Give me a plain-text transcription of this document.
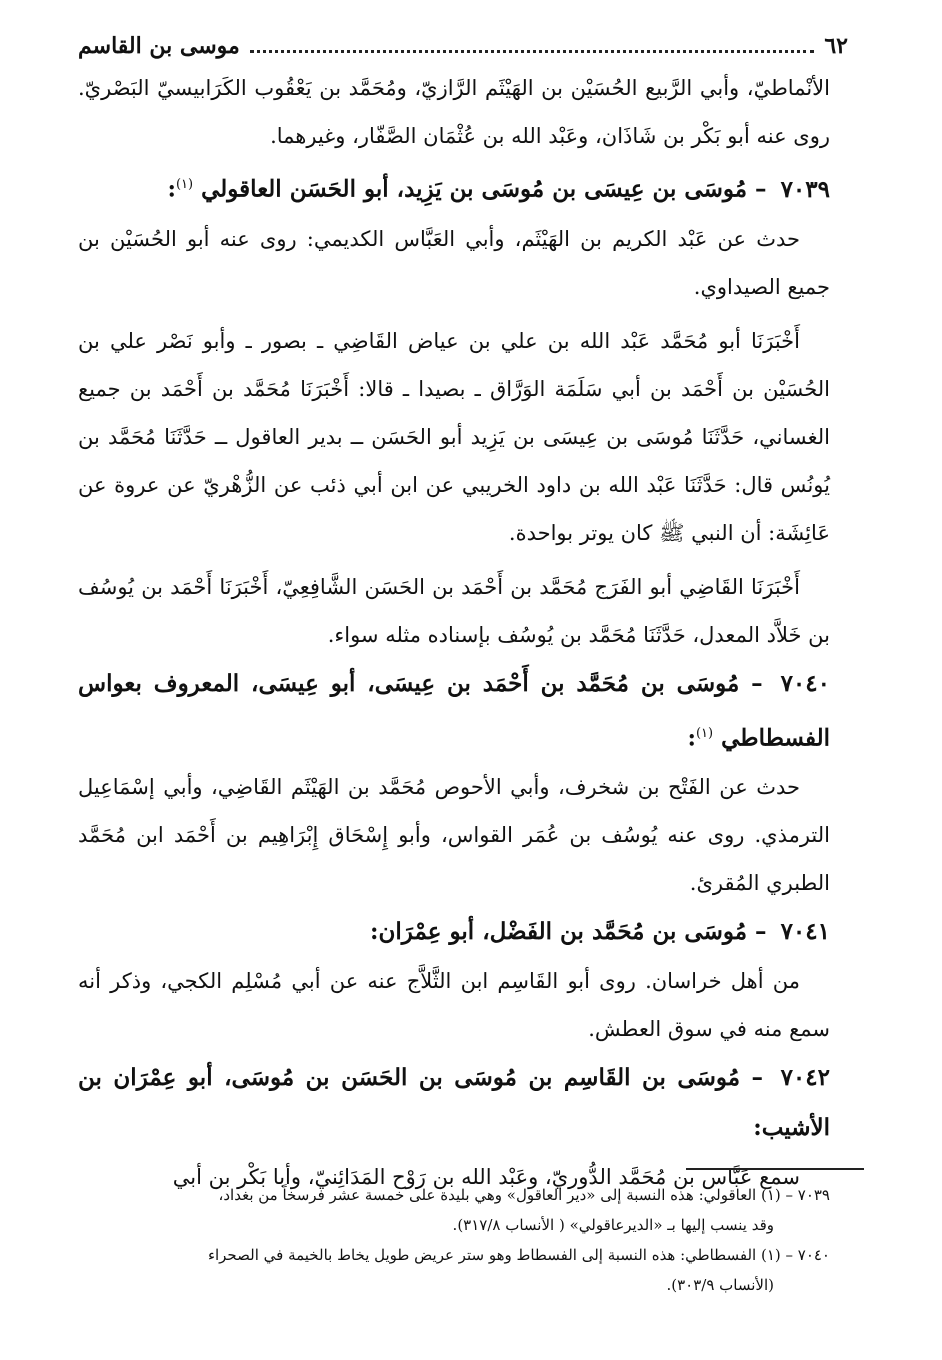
٦٢
موسى بن القاسم

الأنْماطيّ، وأبي الرَّبيع الحُسَيْن بن الهَيْثَم الرَّازيّ، ومُحَمَّد بن يَعْقُوب الكَرَابيسيّ البَصْريّ. روى عنه أبو بَكْر بن شَاذَان، وعَبْد الله بن عُثْمَان الصَّفّار، وغيرهما.

٧٠٣٩ – مُوسَى بن عِيسَى بن مُوسَى بن يَزِيد، أبو الحَسَن العاقولي $^{(١)}$:

حدث عن عَبْد الكريم بن الهَيْثَم، وأبي العَبَّاس الكديمي: روى عنه أبو الحُسَيْن بن جميع الصيداوي.

أَخْبَرَنَا أبو مُحَمَّد عَبْد الله بن علي بن عياض القَاضِي ـ بصور ـ وأبو نَصْر علي بن الحُسَيْن بن أَحْمَد بن أبي سَلَمَة الوَرَّاق ـ بصيدا ـ قالا: أَخْبَرَنَا مُحَمَّد بن أَحْمَد بن جميع الغساني، حَدَّثَنَا مُوسَى بن عِيسَى بن يَزِيد أبو الحَسَن ــ بدير العاقول ــ حَدَّثَنَا مُحَمَّد بن يُونُس قال: حَدَّثَنَا عَبْد الله بن داود الخريبي عن ابن أبي ذئب عن الزُّهْريّ عن عروة عن عَائِشَة: أن النبي ﷺ كان يوتر بواحدة.

أَخْبَرَنَا القَاضِي أبو الفَرَج مُحَمَّد بن أَحْمَد بن الحَسَن الشَّافِعِيّ، أَخْبَرَنَا أَحْمَد بن يُوسُف بن خَلاَّد المعدل، حَدَّثَنَا مُحَمَّد بن يُوسُف بإسناده مثله سواء.

٧٠٤٠ – مُوسَى بن مُحَمَّد بن أَحْمَد بن عِيسَى، أبو عِيسَى، المعروف بعواس الفسطاطي $^{(١)}$:

حدث عن الفَتْح بن شخرف، وأبي الأحوص مُحَمَّد بن الهَيْثَم القَاضِي، وأبي إسْمَاعِيل الترمذي. روى عنه يُوسُف بن عُمَر القواس، وأبو إِسْحَاق إِبْرَاهِيم بن أَحْمَد ابن مُحَمَّد الطبري المُقرئ.

٧٠٤١ – مُوسَى بن مُحَمَّد بن الفَضْل، أبو عِمْرَان:

من أهل خراسان. روى أبو القَاسِم ابن الثَّلاَّج عنه عن أبي مُسْلِم الكجي، وذكر أنه سمع منه في سوق العطش.

٧٠٤٢ – مُوسَى بن القَاسِم بن مُوسَى بن الحَسَن بن مُوسَى، أبو عِمْرَان بن الأشيب:

سمع عَبَّاس بن مُحَمَّد الدُّوريّ، وعَبْد الله بن رَوْح المَدَائِنيّ، وأبا بَكْر بن أبي

٧٠٣٩ – (١) العاقولي: هذه النسبة إلى «دير العاقول» وهي بليدة على خمسة عشر فرسخاً من بغداد،

وقد ينسب إليها بـ «الديرعاقولي» ( الأنساب ٣١٧/٨).

٧٠٤٠ – (١) الفسطاطي: هذه النسبة إلى الفسطاط وهو ستر عريض طويل يخاط بالخيمة في الصحراء

(الأنساب ٣٠٣/٩).
